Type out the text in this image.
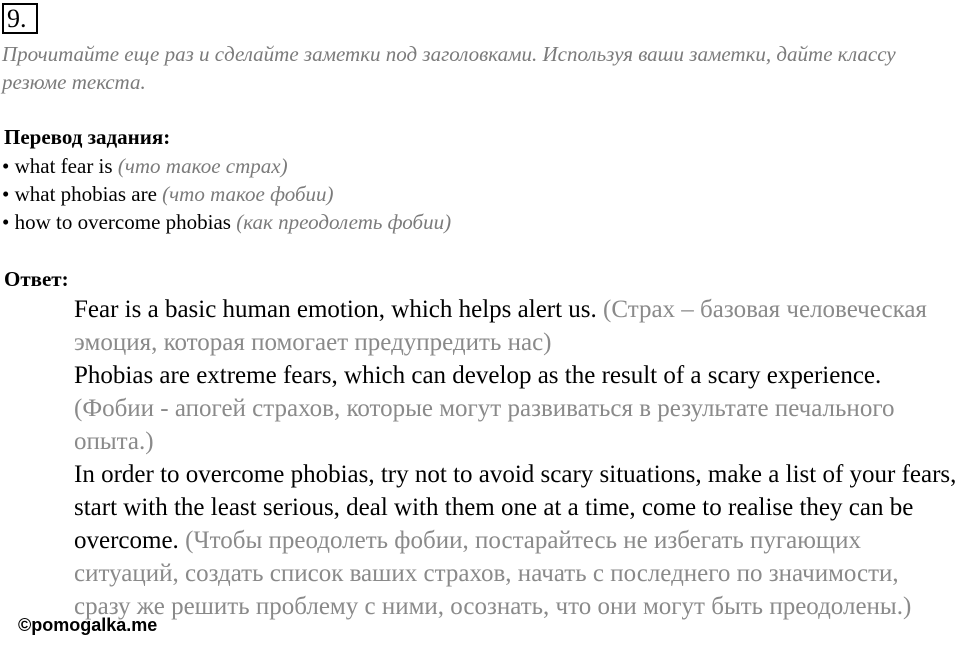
9.
Прочитайте еще раз и сделайте заметки под заголовками. Используя ваши заметки, дайте классу резюме текста.
Перевод задания:
• what fear is (что такое страх)
• what phobias are (что такое фобии)
• how to overcome phobias (как преодолеть фобии)
Ответ:

Fear is a basic human emotion, which helps alert us. (Страх – базовая человеческая эмоция, которая помогает предупредить нас)

Phobias are extreme fears, which can develop as the result of a scary experience. (Фобии - апогей страхов, которые могут развиваться в результате печального опыта.)

In order to overcome phobias, try not to avoid scary situations, make a list of your fears, start with the least serious, deal with them one at a time, come to realise they can be overcome. (Чтобы преодолеть фобии, постарайтесь не избегать пугающих ситуаций, создать список ваших страхов, начать с последнего по значимости, сразу же решить проблему с ними, осознать, что они могут быть преодолены.)

©pomogalka.me
